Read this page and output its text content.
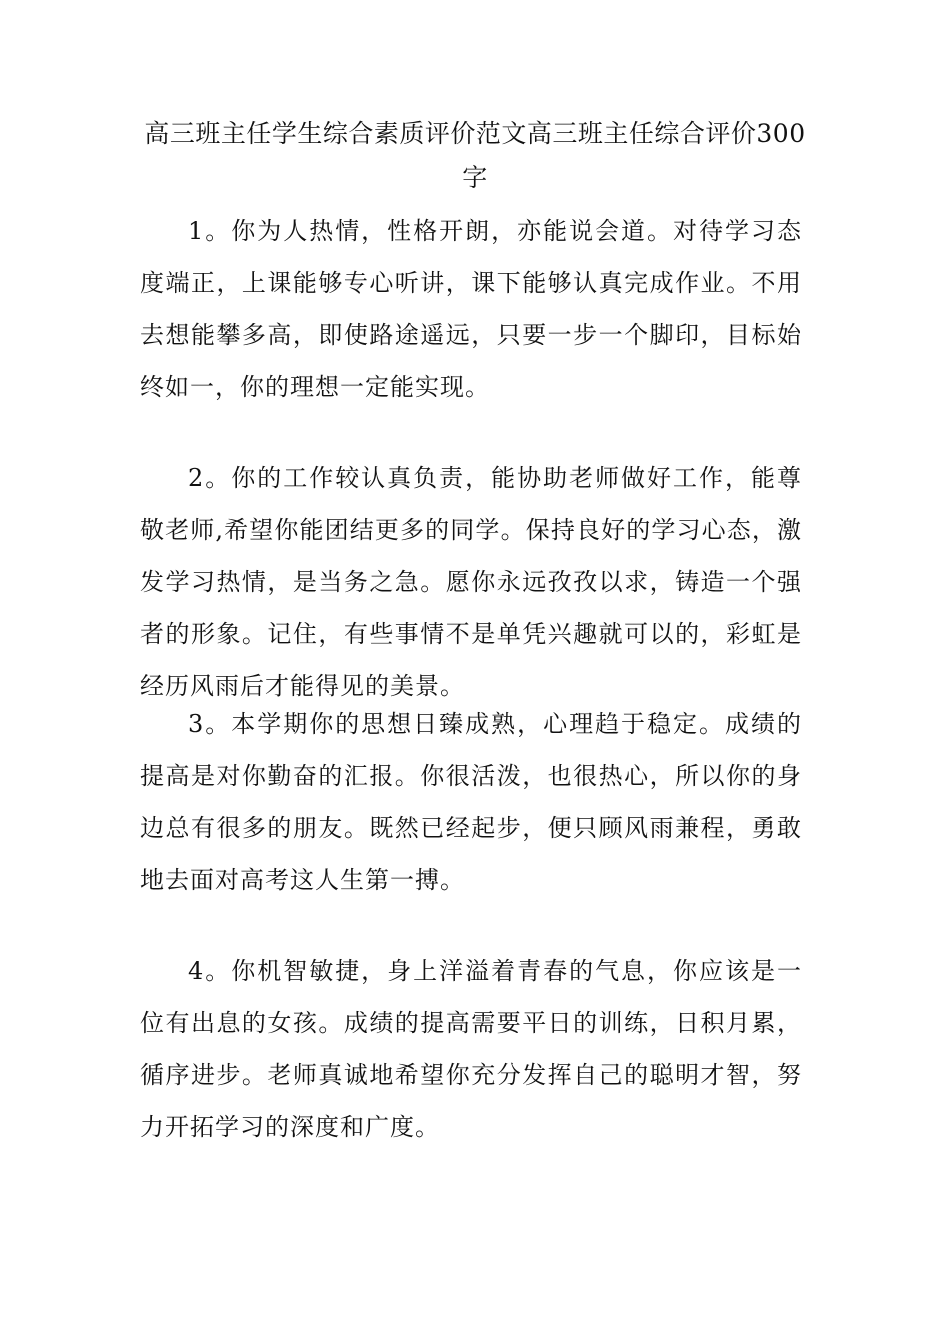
高三班主任学生综合素质评价范文高三班主任综合评价300字

1。你为人热情，性格开朗，亦能说会道。对待学习态度端正，上课能够专心听讲，课下能够认真完成作业。不用去想能攀多高，即使路途遥远，只要一步一个脚印，目标始终如一，你的理想一定能实现。

2。你的工作较认真负责，能协助老师做好工作，能尊敬老师,希望你能团结更多的同学。保持良好的学习心态，激发学习热情，是当务之急。愿你永远孜孜以求，铸造一个强者的形象。记住，有些事情不是单凭兴趣就可以的，彩虹是经历风雨后才能得见的美景。

3。本学期你的思想日臻成熟，心理趋于稳定。成绩的提高是对你勤奋的汇报。你很活泼，也很热心，所以你的身边总有很多的朋友。既然已经起步，便只顾风雨兼程，勇敢地去面对高考这人生第一搏。

4。你机智敏捷，身上洋溢着青春的气息，你应该是一位有出息的女孩。成绩的提高需要平日的训练，日积月累，循序进步。老师真诚地希望你充分发挥自己的聪明才智，努力开拓学习的深度和广度。
